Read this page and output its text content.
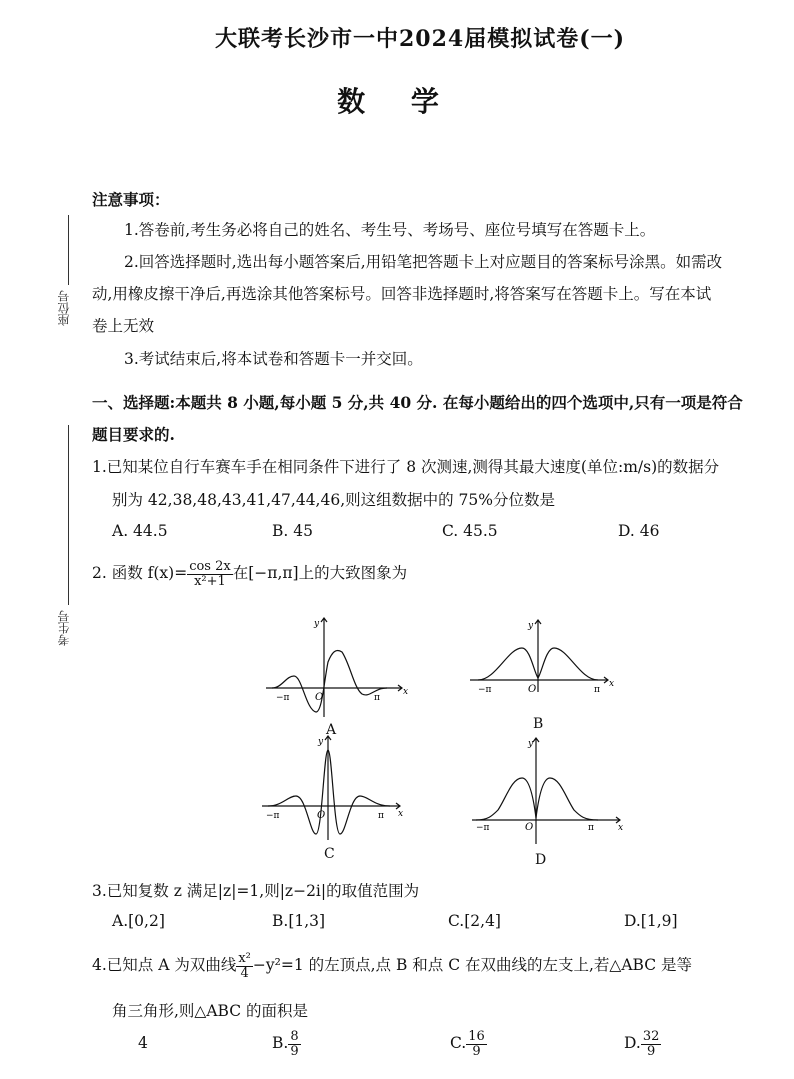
座位号
考生号
大联考长沙市一中2024届模拟试卷(一)
数 学
注意事项：
1.答卷前,考生务必将自己的姓名、考生号、考场号、座位号填写在答题卡上。
2.回答选择题时,选出每小题答案后,用铅笔把答题卡上对应题目的答案标号涂黑。如需改
动,用橡皮擦干净后,再选涂其他答案标号。回答非选择题时,将答案写在答题卡上。写在本试
卷上无效
3.考试结束后,将本试卷和答题卡一并交回。
一、选择题:本题共 8 小题,每小题 5 分,共 40 分. 在每小题给出的四个选项中,只有一项是符合
题目要求的.
1.已知某位自行车赛车手在相同条件下进行了 8 次测速,测得其最大速度(单位:m/s)的数据分
别为 42,38,48,43,41,47,44,46,则这组数据中的 75%分位数是
A. 44.5	B. 45	C. 45.5	D. 46
2. 函数 $f(x)= \frac{\cos 2x}{\text{x²+1}}$ 在[−π,π]上的大致图象为
−π	O	π
x
y
A
−π	O	π
x
y
B
−π	O	π x
y
C
−π	O	π	x
y
D
3.已知复数 z 满足|z|=1,则|z−2i|的取值范围为
A.[0,2]	B.[1,3]	C.[2,4]	D.[1,9]
4.已知点 A 为双曲线 $\frac{\text{x²}}{4} -y^2=1$ 的左顶点,点 B 和点 C 在双曲线的左支上,若△ABC 是等
角三角形,则△ABC 的面积是
4	B. $\frac{8}{9}$	C. $\frac{16}{9}$	D. $\frac{32}{9}$
